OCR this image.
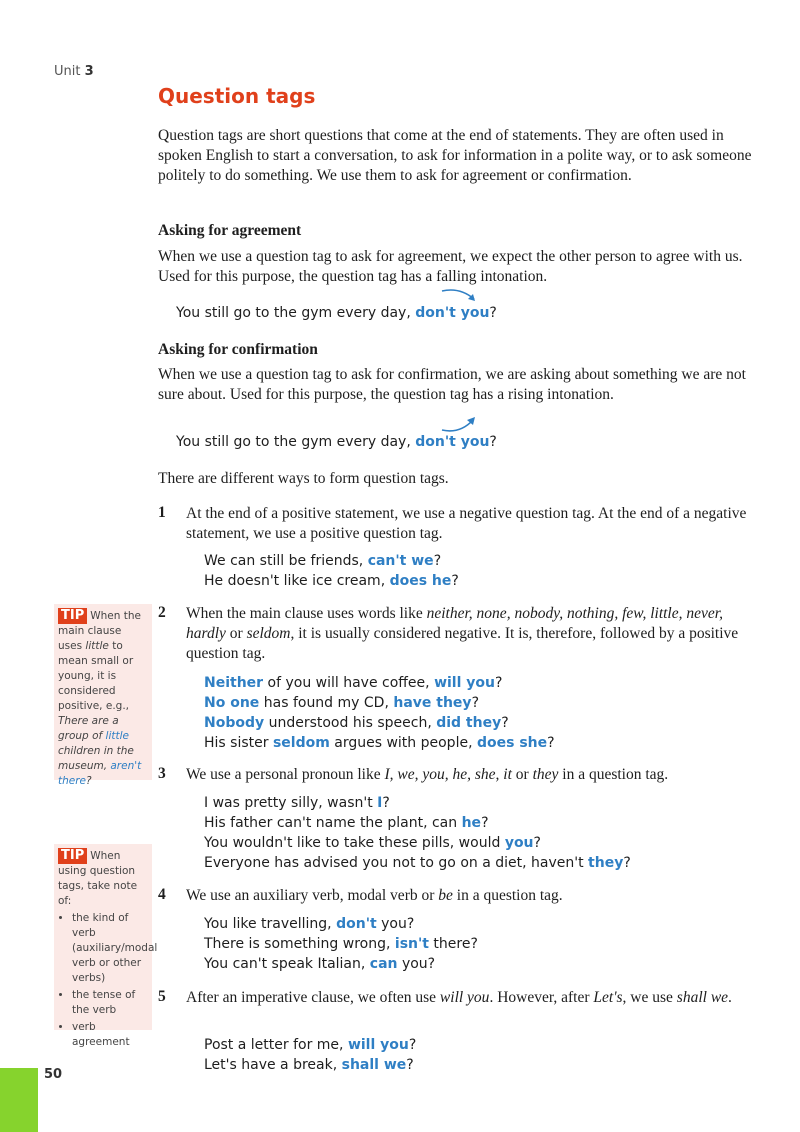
Unit 3
Question tags
Question tags are short questions that come at the end of statements. They are often used in spoken English to start a conversation, to ask for information in a polite way, or to ask someone politely to do something. We use them to ask for agreement or confirmation.
Asking for agreement
When we use a question tag to ask for agreement, we expect the other person to agree with us. Used for this purpose, the question tag has a falling intonation.
You still go to the gym every day, don't you?
Asking for confirmation
When we use a question tag to ask for confirmation, we are asking about something we are not sure about. Used for this purpose, the question tag has a rising intonation.
You still go to the gym every day, don't you?
There are different ways to form question tags.
1 At the end of a positive statement, we use a negative question tag. At the end of a negative statement, we use a positive question tag.
We can still be friends, can't we?
He doesn't like ice cream, does he?
TIP When the main clause uses little to mean small or young, it is considered positive, e.g.,
There are a group of little children in the museum, aren't there?
2 When the main clause uses words like neither, none, nobody, nothing, few, little, never, hardly or seldom, it is usually considered negative. It is, therefore, followed by a positive question tag.
Neither of you will have coffee, will you?
No one has found my CD, have they?
Nobody understood his speech, did they?
His sister seldom argues with people, does she?
3 We use a personal pronoun like I, we, you, he, she, it or they in a question tag.
I was pretty silly, wasn't I?
His father can't name the plant, can he?
You wouldn't like to take these pills, would you?
Everyone has advised you not to go on a diet, haven't they?
TIP When using question tags, take note of:
• the kind of verb (auxiliary/modal verb or other verbs)
• the tense of the verb
• verb agreement
4 We use an auxiliary verb, modal verb or be in a question tag.
You like travelling, don't you?
There is something wrong, isn't there?
You can't speak Italian, can you?
5 After an imperative clause, we often use will you. However, after Let's, we use shall we.
Post a letter for me, will you?
Let's have a break, shall we?
50
